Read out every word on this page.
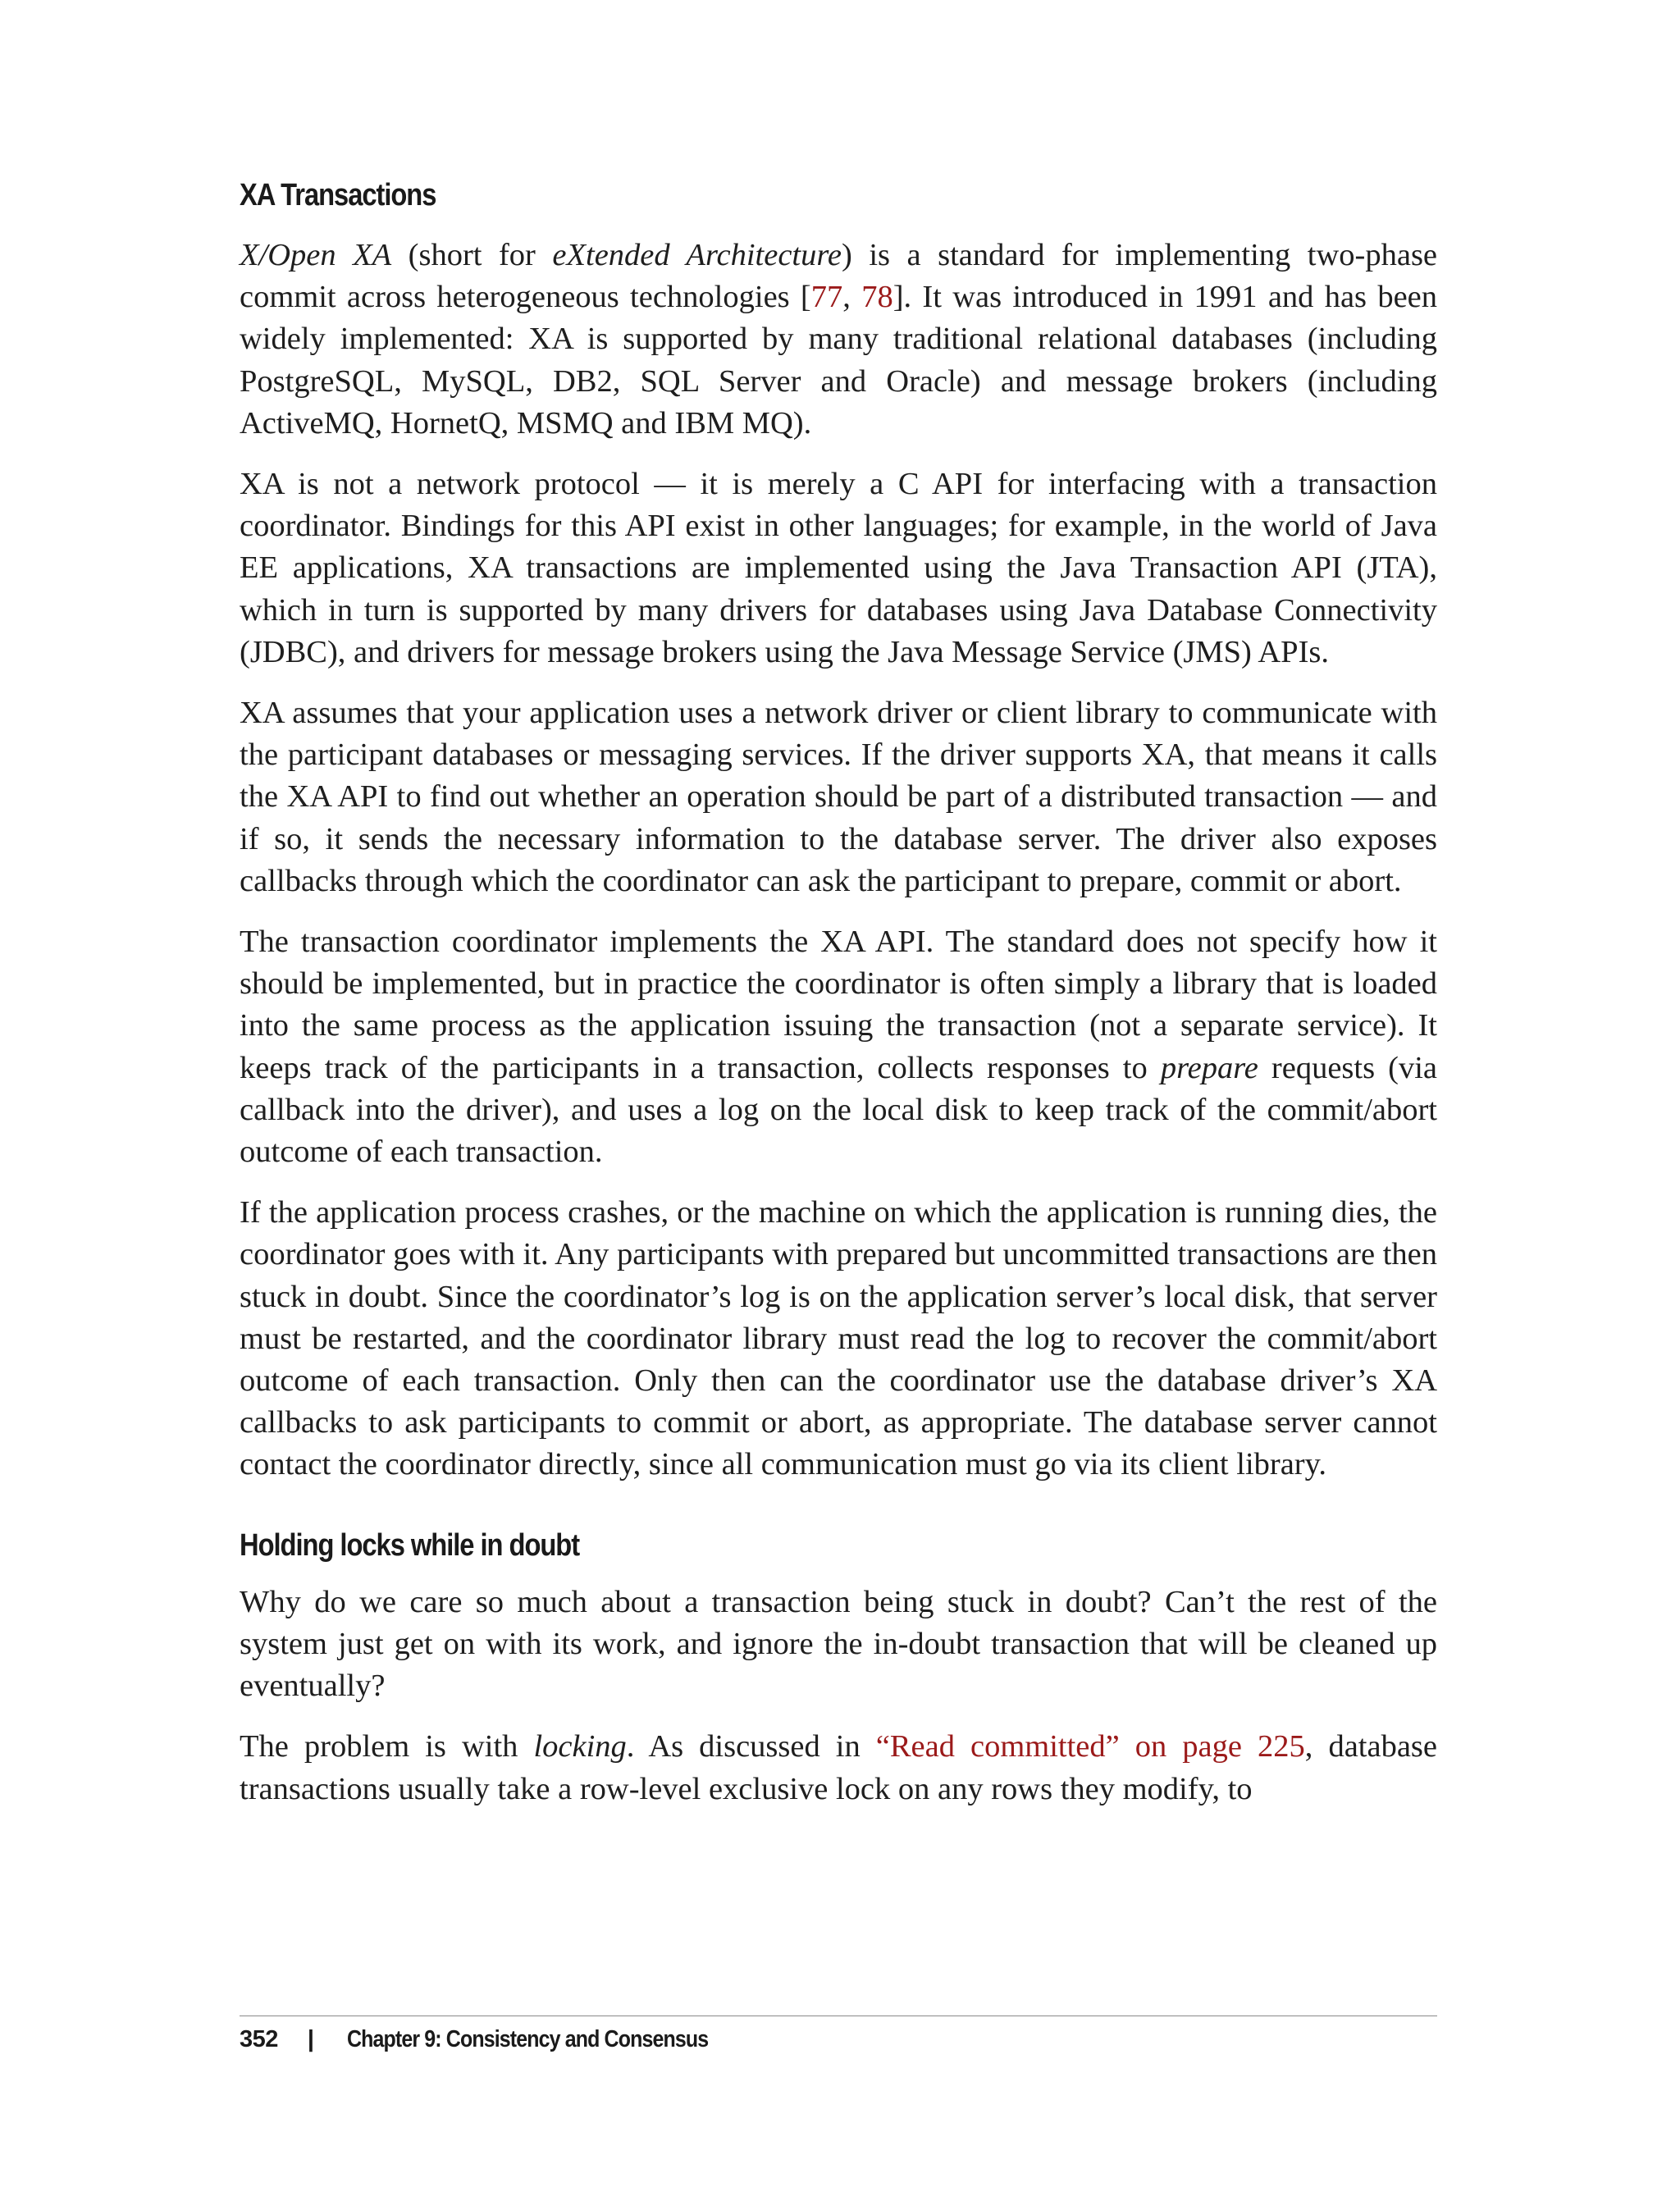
XA Transactions

X/Open XA (short for eXtended Architecture) is a standard for implementing two-phase commit across heterogeneous technologies [77, 78]. It was introduced in 1991 and has been widely implemented: XA is supported by many traditional relational databases (including PostgreSQL, MySQL, DB2, SQL Server and Oracle) and message brokers (including ActiveMQ, HornetQ, MSMQ and IBM MQ).

XA is not a network protocol — it is merely a C API for interfacing with a transaction coordinator. Bindings for this API exist in other languages; for example, in the world of Java EE applications, XA transactions are implemented using the Java Transaction API (JTA), which in turn is supported by many drivers for databases using Java Database Connectivity (JDBC), and drivers for message brokers using the Java Message Service (JMS) APIs.

XA assumes that your application uses a network driver or client library to communicate with the participant databases or messaging services. If the driver supports XA, that means it calls the XA API to find out whether an operation should be part of a distributed transaction — and if so, it sends the necessary information to the database server. The driver also exposes callbacks through which the coordinator can ask the participant to prepare, commit or abort.

The transaction coordinator implements the XA API. The standard does not specify how it should be implemented, but in practice the coordinator is often simply a library that is loaded into the same process as the application issuing the transaction (not a separate service). It keeps track of the participants in a transaction, collects responses to prepare requests (via callback into the driver), and uses a log on the local disk to keep track of the commit/abort outcome of each transaction.

If the application process crashes, or the machine on which the application is running dies, the coordinator goes with it. Any participants with prepared but uncommitted transactions are then stuck in doubt. Since the coordinator’s log is on the application server’s local disk, that server must be restarted, and the coordinator library must read the log to recover the commit/abort outcome of each transaction. Only then can the coordinator use the database driver’s XA callbacks to ask participants to commit or abort, as appropriate. The database server cannot contact the coordinator directly, since all communication must go via its client library.

Holding locks while in doubt

Why do we care so much about a transaction being stuck in doubt? Can’t the rest of the system just get on with its work, and ignore the in-doubt transaction that will be cleaned up eventually?

The problem is with locking. As discussed in “Read committed” on page 225, database transactions usually take a row-level exclusive lock on any rows they modify, to

352 | Chapter 9: Consistency and Consensus
